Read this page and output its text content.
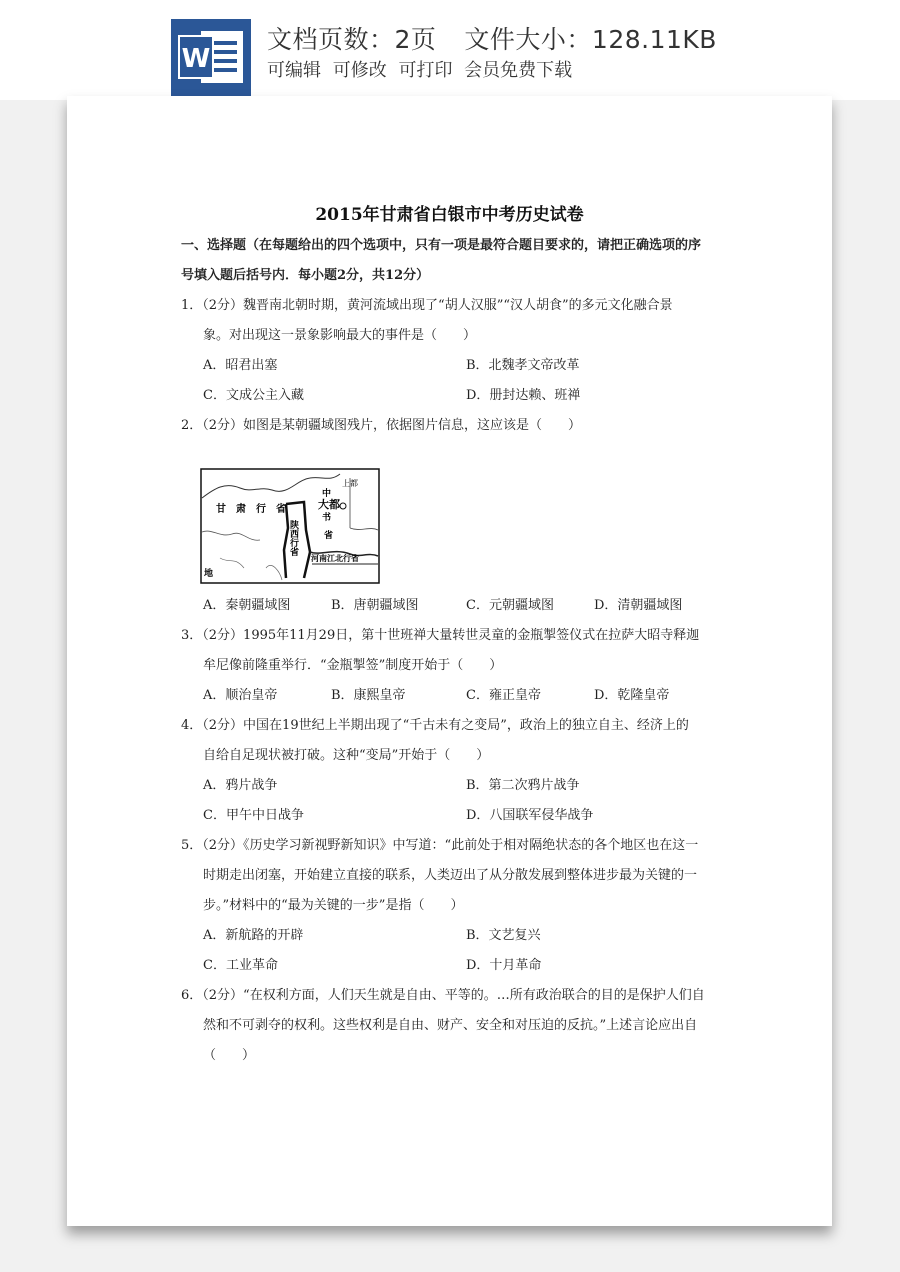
W
文档页数：2页 文件大小：128.11KB
可编辑 可修改 可打印 会员免费下载
2015年甘肃省白银市中考历史试卷
一、选择题（在每题给出的四个选项中，只有一项是最符合题目要求的，请把正确选项的序
号填入题后括号内．每小题2分，共12分）
1．（2分）魏晋南北朝时期，黄河流域出现了“胡人汉服”“汉人胡食”的多元文化融合景
象。对出现这一景象影响最大的事件是（　　）
A．昭君出塞	B．北魏孝文帝改革
C．文成公主入藏	D．册封达赖、班禅
2．（2分）如图是某朝疆域图残片，依据图片信息，这应该是（　　）
甘　肃　行　省
陕西行省
上都
中
大都
书
省
河南江北行省
地
A．秦朝疆域图	B．唐朝疆域图	C．元朝疆域图	D．清朝疆域图
3．（2分）1995年11月29日，第十世班禅大量转世灵童的金瓶掣签仪式在拉萨大昭寺释迦
牟尼像前隆重举行．“金瓶掣签”制度开始于（　　）
A．顺治皇帝	B．康熙皇帝	C．雍正皇帝	D．乾隆皇帝
4．（2分）中国在19世纪上半期出现了“千古未有之变局”，政治上的独立自主、经济上的
自给自足现状被打破。这种“变局”开始于（　　）
A．鸦片战争	B．第二次鸦片战争
C．甲午中日战争	D．八国联军侵华战争
5．（2分）《历史学习新视野新知识》中写道：“此前处于相对隔绝状态的各个地区也在这一
时期走出闭塞，开始建立直接的联系，人类迈出了从分散发展到整体进步最为关键的一
步。”材料中的“最为关键的一步”是指（　　）
A．新航路的开辟	B．文艺复兴
C．工业革命	D．十月革命
6．（2分）“在权利方面，人们天生就是自由、平等的。…所有政治联合的目的是保护人们自
然和不可剥夺的权利。这些权利是自由、财产、安全和对压迫的反抗。”上述言论应出自
（　　）
